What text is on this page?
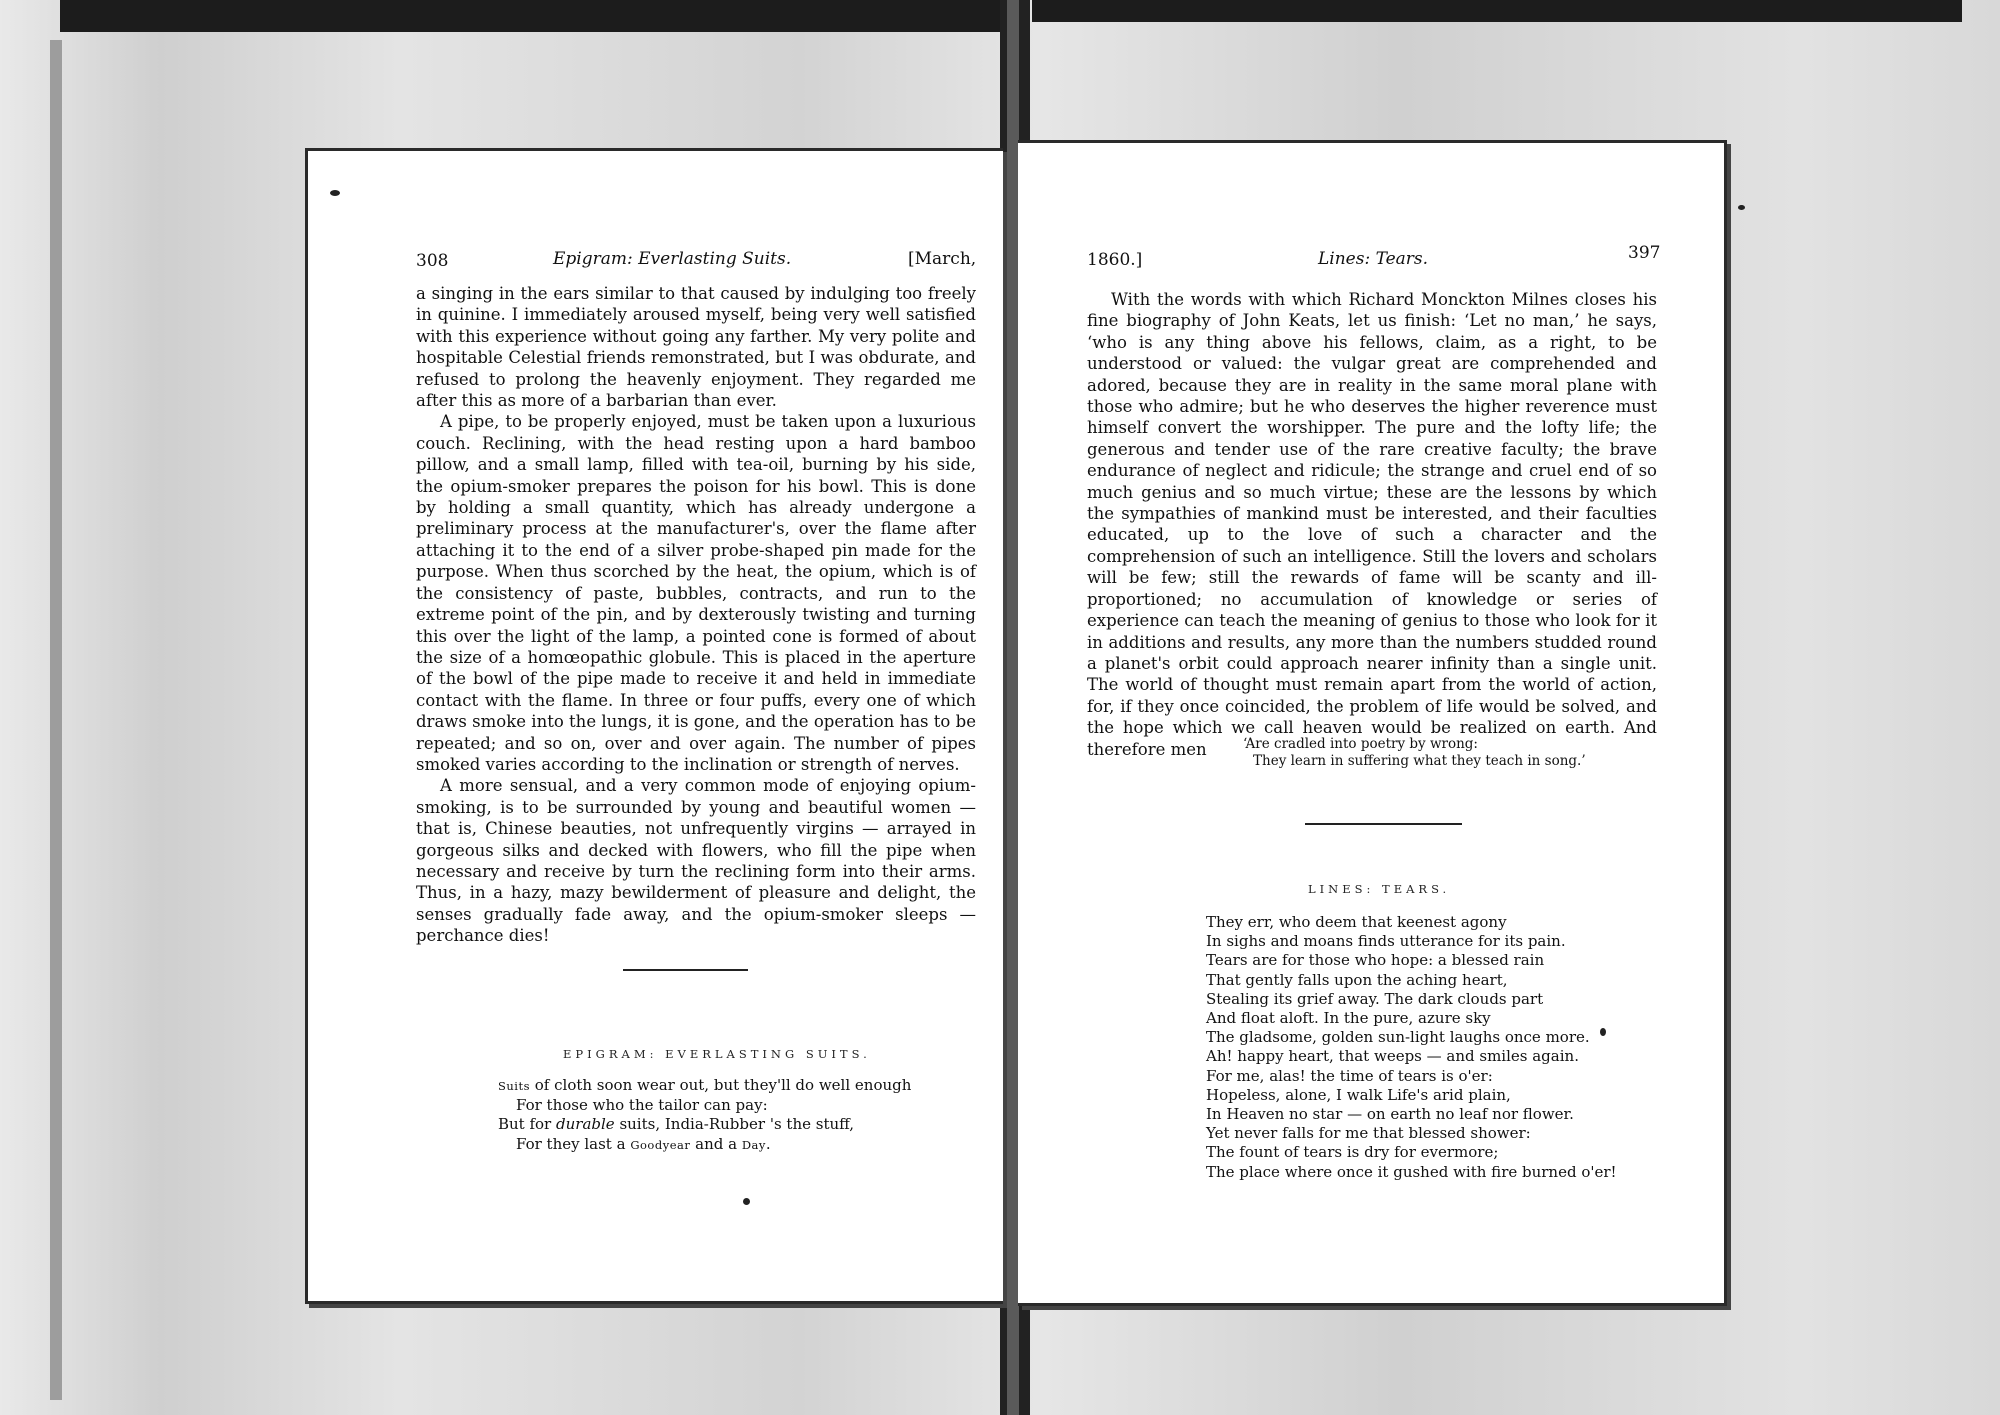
308	Epigram: Everlasting Suits.	[March,

a singing in the ears similar to that caused by indulging too freely in quinine. I immediately aroused myself, being very well satisfied with this experience without going any farther. My very polite and hospitable Celestial friends remonstrated, but I was obdurate, and refused to prolong the heavenly enjoyment. They regarded me after this as more of a barbarian than ever.

A pipe, to be properly enjoyed, must be taken upon a luxurious couch. Reclining, with the head resting upon a hard bamboo pillow, and a small lamp, filled with tea-oil, burning by his side, the opium-smoker prepares the poison for his bowl. This is done by holding a small quantity, which has already undergone a preliminary process at the manufacturer's, over the flame after attaching it to the end of a silver probe-shaped pin made for the purpose. When thus scorched by the heat, the opium, which is of the consistency of paste, bubbles, contracts, and run to the extreme point of the pin, and by dexterously twisting and turning this over the light of the lamp, a pointed cone is formed of about the size of a homœopathic globule. This is placed in the aperture of the bowl of the pipe made to receive it and held in immediate contact with the flame. In three or four puffs, every one of which draws smoke into the lungs, it is gone, and the operation has to be repeated; and so on, over and over again. The number of pipes smoked varies according to the inclination or strength of nerves.

A more sensual, and a very common mode of enjoying opium-smoking, is to be surrounded by young and beautiful women — that is, Chinese beauties, not unfrequently virgins — arrayed in gorgeous silks and decked with flowers, who fill the pipe when necessary and receive by turn the reclining form into their arms. Thus, in a hazy, mazy bewilderment of pleasure and delight, the senses gradually fade away, and the opium-smoker sleeps — perchance dies!

EPIGRAM: EVERLASTING SUITS.
Suits of cloth soon wear out, but they'll do well enough
For those who the tailor can pay:
But for durable suits, India-Rubber 's the stuff,
For they last a Goodyear and a Day.
1860.]	Lines: Tears.	397

With the words with which Richard Monckton Milnes closes his fine biography of John Keats, let us finish: ‘Let no man,’ he says, ‘who is any thing above his fellows, claim, as a right, to be understood or valued: the vulgar great are comprehended and adored, because they are in reality in the same moral plane with those who admire; but he who deserves the higher reverence must himself convert the worshipper. The pure and the lofty life; the generous and tender use of the rare creative faculty; the brave endurance of neglect and ridicule; the strange and cruel end of so much genius and so much virtue; these are the lessons by which the sympathies of mankind must be interested, and their faculties educated, up to the love of such a character and the comprehension of such an intelligence. Still the lovers and scholars will be few; still the rewards of fame will be scanty and ill-proportioned; no accumulation of knowledge or series of experience can teach the meaning of genius to those who look for it in additions and results, any more than the numbers studded round a planet's orbit could approach nearer infinity than a single unit. The world of thought must remain apart from the world of action, for, if they once coincided, the problem of life would be solved, and the hope which we call heaven would be realized on earth. And therefore men	‘Are cradled into poetry by wrong:
They learn in suffering what they teach in song.’
LINES: TEARS.
They err, who deem that keenest agony
In sighs and moans finds utterance for its pain.
Tears are for those who hope: a blessed rain
That gently falls upon the aching heart,
Stealing its grief away. The dark clouds part
And float aloft. In the pure, azure sky
The gladsome, golden sun-light laughs once more.
Ah! happy heart, that weeps — and smiles again.
For me, alas! the time of tears is o'er:
Hopeless, alone, I walk Life's arid plain,
In Heaven no star — on earth no leaf nor flower.
Yet never falls for me that blessed shower:
The fount of tears is dry for evermore;
The place where once it gushed with fire burned o'er!
